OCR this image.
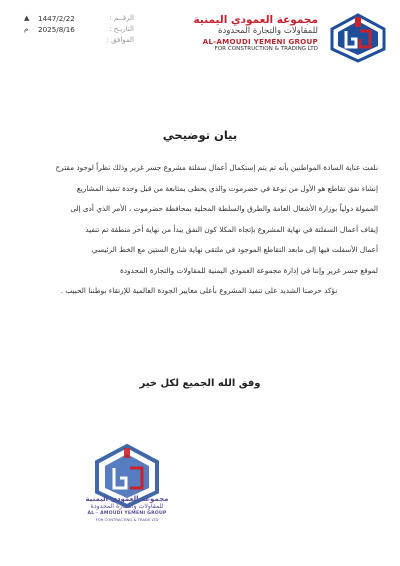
مجموعة العمودي اليمنية
للمقاولات والتجارة المحدودة
AL-AMOUDI YEMENI GROUP
FOR CONSTRUCTION & TRADING LTD
1447/2/22
▲	الرقــم :
2025/8/16
م	التاريـخ :
الموافق :
بيان توضيحي

نلفت عناية السادة المواطنين بأنه تم يتم إستكمال أعمال سفلتة مشروع جسر غرير وذلك نظراً لوجود مقترح

إنشاء نفق تقاطع هو الأول من نوعة في حضرموت والذي يحظى بمتابعة من قبل وحدة تنفيذ المشاريع

الممولة دولياً بوزارة الأشغال العامة والطرق والسلطة المحلية بمحافظة حضرموت ، الأمر الذي أدى إلى

إيقاف أعمال السفلتة في نهاية المشروع بإتجاه المكلا كون النفق يبدأ من نهاية أخر منطقة تم تنفيذ

أعمال الأسفلت فيها إلى مابعد التقاطع الموجود في ملتقى نهاية شارع الستين مع الخط الرئيسي

لموقع جسر غرير وإننا في إدارة مجموعة العمودي اليمنية للمقاولات والتجارة المحدودة

نؤكد حرصنا الشديد على تنفيذ المشروع بأعلى معايير الجودة العالمية للإرتقاء بوطننا الحبيب .

وفق الله الجميع لكل خير
مجموعة العمودي اليمنية
للمقاولات والتجارة المحدودة
AL - AMOUDI YEMENI GROUP
FOR CONTRACTING & TRADE LTD
